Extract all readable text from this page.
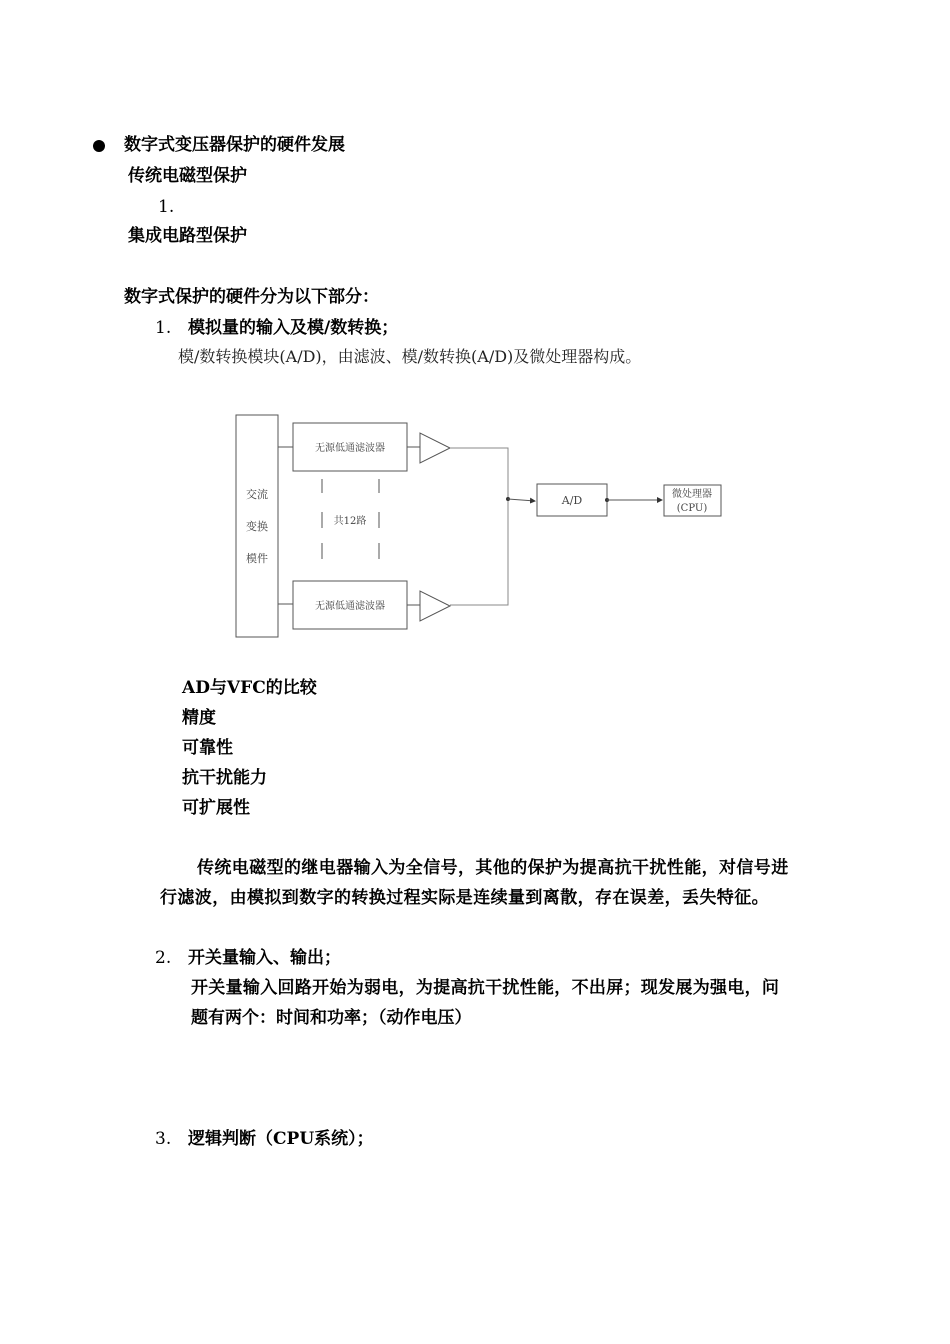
数字式变压器保护的硬件发展
传统电磁型保护
1.
集成电路型保护
数字式保护的硬件分为以下部分：
1. 模拟量的输入及模/数转换；
模/数转换模块(A/D)，由滤波、模/数转换(A/D)及微处理器构成。
交流
变换
模件
无源低通滤波器
无源低通滤波器
共12路
A/D	微处理器
(CPU)
AD与VFC的比较
精度
可靠性
抗干扰能力
可扩展性
传统电磁型的继电器输入为全信号，其他的保护为提高抗干扰性能，对信号进
行滤波，由模拟到数字的转换过程实际是连续量到离散，存在误差，丢失特征。
2. 开关量输入、输出；
开关量输入回路开始为弱电，为提高抗干扰性能，不出屏；现发展为强电，问
题有两个：时间和功率；（动作电压）
3. 逻辑判断（CPU系统）；
